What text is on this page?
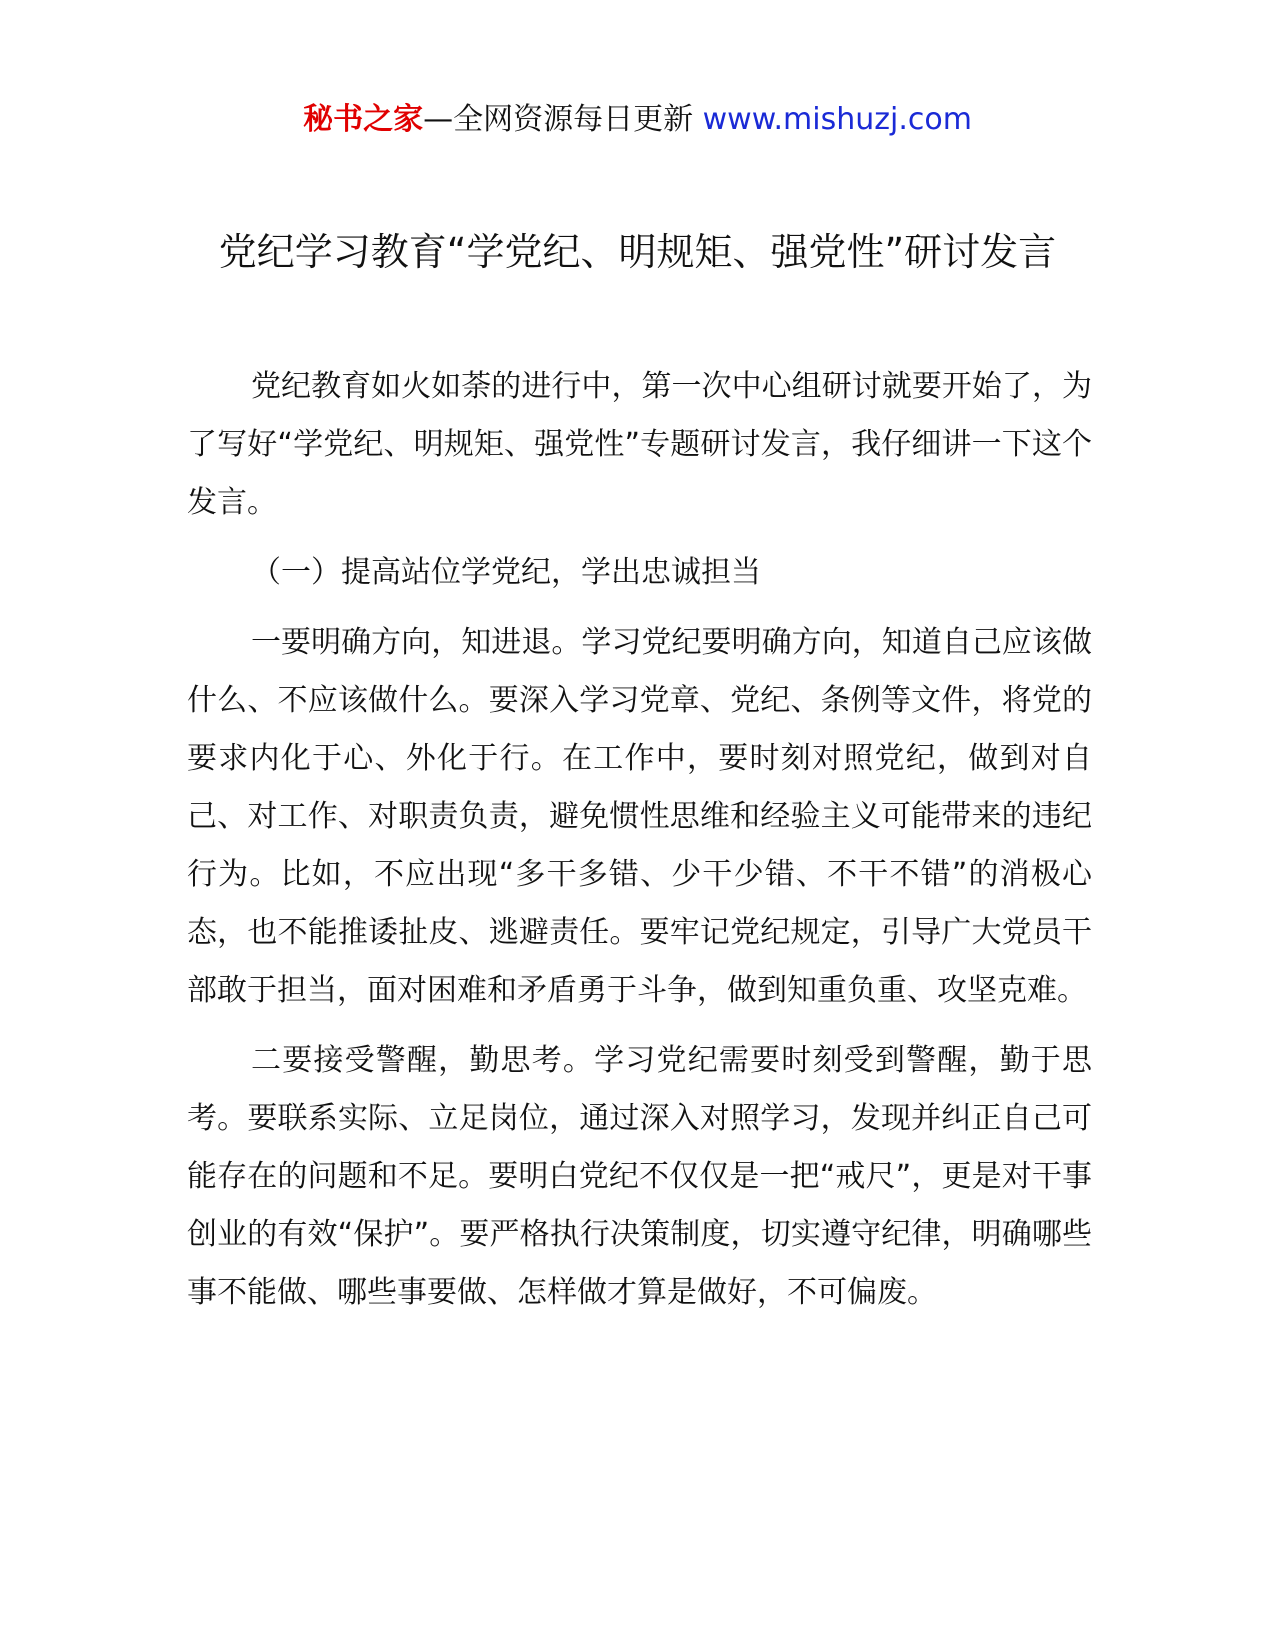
秘书之家—全网资源每日更新 www.mishuzj.com
党纪学习教育“学党纪、明规矩、强党性”研讨发言

党纪教育如火如荼的进行中，第一次中心组研讨就要开始了，为了写好“学党纪、明规矩、强党性”专题研讨发言，我仔细讲一下这个发言。

（一）提高站位学党纪，学出忠诚担当

一要明确方向，知进退。学习党纪要明确方向，知道自己应该做什么、不应该做什么。要深入学习党章、党纪、条例等文件，将党的要求内化于心、外化于行。在工作中，要时刻对照党纪，做到对自己、对工作、对职责负责，避免惯性思维和经验主义可能带来的违纪行为。比如，不应出现“多干多错、少干少错、不干不错”的消极心态，也不能推诿扯皮、逃避责任。要牢记党纪规定，引导广大党员干部敢于担当，面对困难和矛盾勇于斗争，做到知重负重、攻坚克难。

二要接受警醒，勤思考。学习党纪需要时刻受到警醒，勤于思考。要联系实际、立足岗位，通过深入对照学习，发现并纠正自己可能存在的问题和不足。要明白党纪不仅仅是一把“戒尺”，更是对干事创业的有效“保护”。要严格执行决策制度，切实遵守纪律，明确哪些事不能做、哪些事要做、怎样做才算是做好，不可偏废。
